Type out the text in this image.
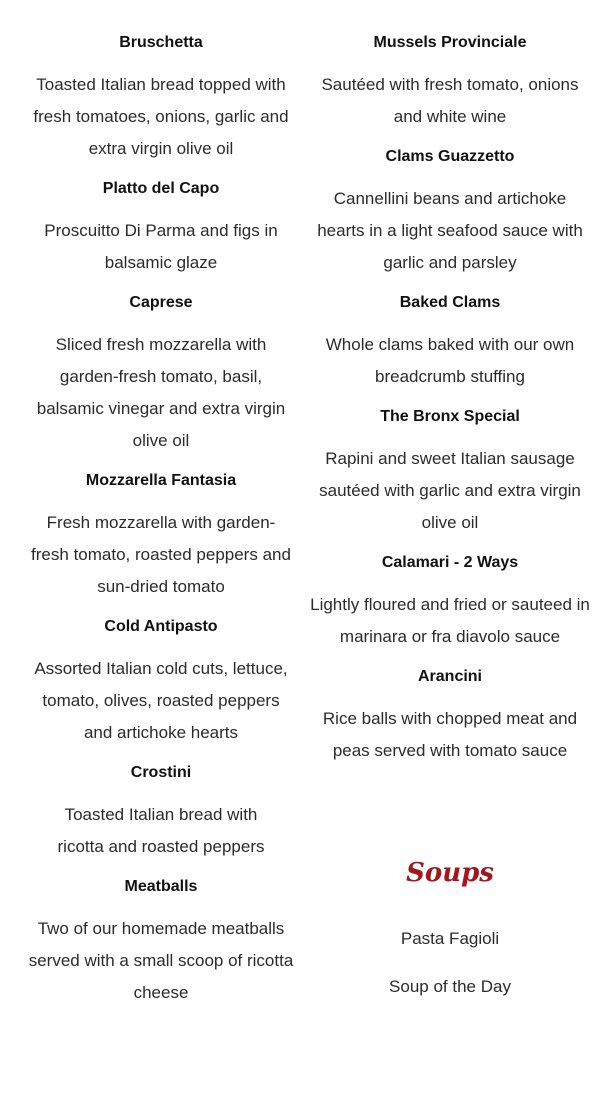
Bruschetta

Toasted Italian bread topped with fresh tomatoes, onions, garlic and extra virgin olive oil

Platto del Capo

Proscuitto Di Parma and figs in balsamic glaze

Caprese

Sliced fresh mozzarella with garden-fresh tomato, basil, balsamic vinegar and extra virgin olive oil

Mozzarella Fantasia

Fresh mozzarella with garden-fresh tomato, roasted peppers and sun-dried tomato

Cold Antipasto

Assorted Italian cold cuts, lettuce, tomato, olives, roasted peppers and artichoke hearts

Crostini

Toasted Italian bread with ricotta and roasted peppers

Meatballs

Two of our homemade meatballs served with a small scoop of ricotta cheese

Mussels Provinciale

Sautéed with fresh tomato, onions and white wine

Clams Guazzetto

Cannellini beans and artichoke hearts in a light seafood sauce with garlic and parsley

Baked Clams

Whole clams baked with our own breadcrumb stuffing

The Bronx Special

Rapini and sweet Italian sausage sautéed with garlic and extra virgin olive oil

Calamari - 2 Ways

Lightly floured and fried or sauteed in marinara or fra diavolo sauce

Arancini

Rice balls with chopped meat and peas served with tomato sauce

Soups

Pasta Fagioli

Soup of the Day
